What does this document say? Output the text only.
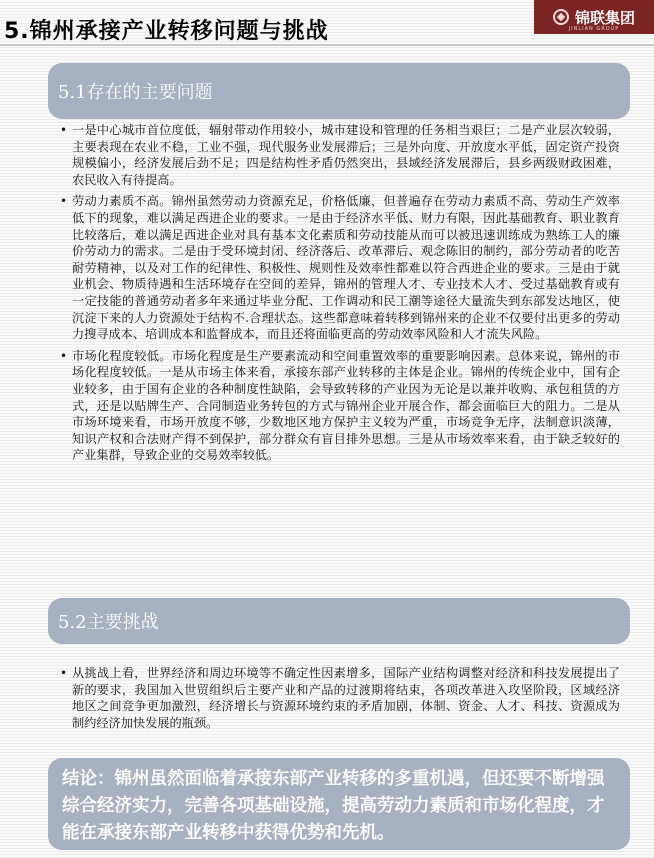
5.锦州承接产业转移问题与挑战
锦联集团
JINLIAN GROUP
5.1存在的主要问题

• 一是中心城市首位度低，辐射带动作用较小，城市建设和管理的任务相当艰巨；二是产业层次较弱，主要表现在农业不稳，工业不强，现代服务业发展滞后；三是外向度、开放度水平低，固定资产投资规模偏小，经济发展后劲不足；四是结构性矛盾仍然突出，县域经济发展滞后，县乡两级财政困难，农民收入有待提高。

• 劳动力素质不高。锦州虽然劳动力资源充足，价格低廉，但普遍存在劳动力素质不高、劳动生产效率低下的现象，难以满足西进企业的要求。一是由于经济水平低、财力有限，因此基础教育、职业教育比较落后，难以满足西进企业对具有基本文化素质和劳动技能从而可以被迅速训练成为熟练工人的廉价劳动力的需求。二是由于受环境封闭、经济落后、改革滞后、观念陈旧的制约，部分劳动者的吃苦耐劳精神，以及对工作的纪律性、积极性、规则性及效率性都难以符合西进企业的要求。三是由于就业机会、物质待遇和生活环境存在空间的差异，锦州的管理人才、专业技术人才、受过基础教育或有一定技能的普通劳动者多年来通过毕业分配、工作调动和民工潮等途径大量流失到东部发达地区，使沉淀下来的人力资源处于结构不.合理状态。这些都意味着转移到锦州来的企业不仅要付出更多的劳动力搜寻成本、培训成本和监督成本，而且还将面临更高的劳动效率风险和人才流失风险。

• 市场化程度较低。市场化程度是生产要素流动和空间重置效率的重要影响因素。总体来说，锦州的市场化程度较低。一是从市场主体来看，承接东部产业转移的主体是企业。锦州的传统企业中，国有企业较多，由于国有企业的各种制度性缺陷，会导致转移的产业因为无论是以兼并收购、承包租赁的方式，还是以贴牌生产、合同制造业务转包的方式与锦州企业开展合作，都会面临巨大的阻力。二是从市场环境来看，市场开放度不够，少数地区地方保护主义较为严重，市场竞争无序，法制意识淡薄，知识产权和合法财产得不到保护，部分群众有盲目排外思想。三是从市场效率来看，由于缺乏较好的产业集群，导致企业的交易效率较低。

5.2主要挑战

• 从挑战上看，世界经济和周边环境等不确定性因素增多，国际产业结构调整对经济和科技发展提出了新的要求，我国加入世贸组织后主要产业和产品的过渡期将结束，各项改革进入攻坚阶段，区域经济地区之间竞争更加激烈，经济增长与资源环境约束的矛盾加剧，体制、资金、人才、科技、资源成为制约经济加快发展的瓶颈。

结论：锦州虽然面临着承接东部产业转移的多重机遇，但还要不断增强综合经济实力，完善各项基础设施，提高劳动力素质和市场化程度，才能在承接东部产业转移中获得优势和先机。
